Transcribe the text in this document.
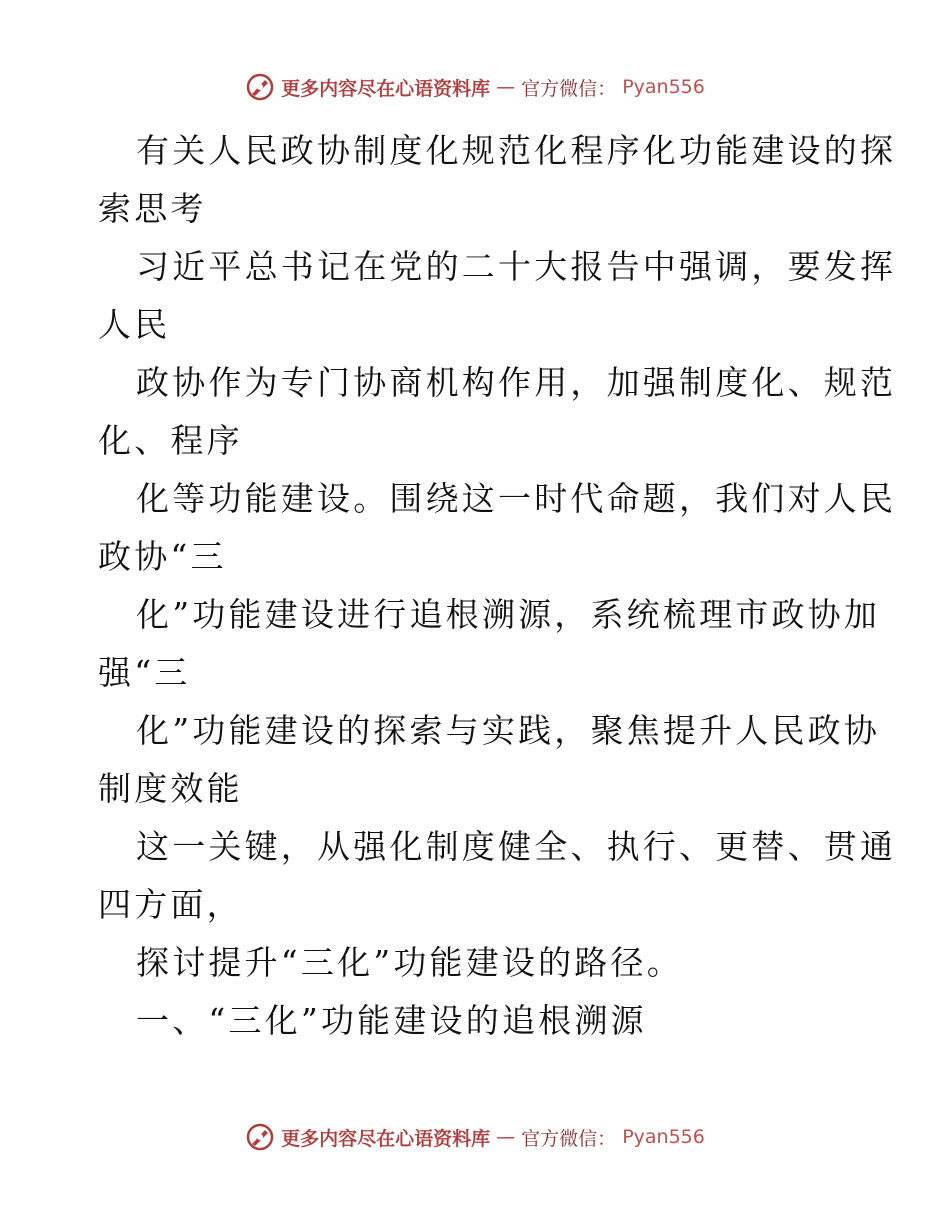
更多内容尽在心语资料库 — 官方微信： Pyan556
有关人民政协制度化规范化程序化功能建设的探
索思考
习近平总书记在党的二十大报告中强调，要发挥
人民
政协作为专门协商机构作用，加强制度化、规范
化、程序
化等功能建设。围绕这一时代命题，我们对人民
政协“三
化”功能建设进行追根溯源，系统梳理市政协加
强“三
化”功能建设的探索与实践，聚焦提升人民政协
制度效能
这一关键，从强化制度健全、执行、更替、贯通
四方面，
探讨提升“三化”功能建设的路径。
一、“三化”功能建设的追根溯源
更多内容尽在心语资料库 — 官方微信： Pyan556
